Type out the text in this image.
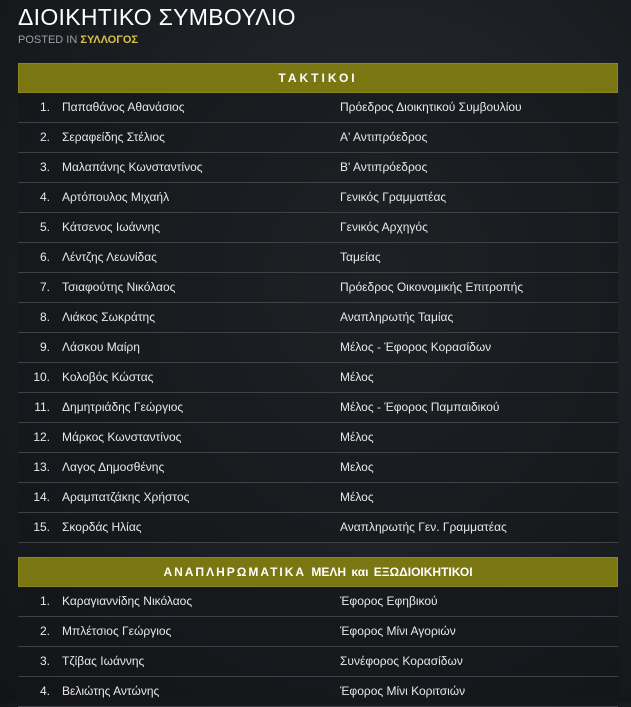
ΔΙΟΙΚΗΤΙΚΟ ΣΥΜΒΟΥΛΙΟ
POSTED IN ΣΥΛΛΟΓΟΣ
ΤΑΚΤΙΚΟΙ
1. Παπαθάνος Αθανάσιος	Πρόεδρος Διοικητικού Συμβουλίου
2. Σεραφείδης Στέλιος	Α' Αντιπρόεδρος
3. Μαλαπάνης Κωνσταντίνος	Β' Αντιπρόεδρος
4. Αρτόπουλος Μιχαήλ	Γενικός Γραμματέας
5. Κάτσενος Ιωάννης	Γενικός Αρχηγός
6. Λέντζης Λεωνίδας	Ταμείας
7. Τσιαφούτης Νικόλαος	Πρόεδρος Οικονομικής Επιτροπής
8. Λιάκος Σωκράτης	Αναπληρωτής Ταμίας
9. Λάσκου Μαίρη	Μέλος - Έφορος Κορασίδων
10. Κολοβός Κώστας	Μέλος
11. Δημητριάδης Γεώργιος	Μέλος - Έφορος Παμπαιδικού
12. Μάρκος Κωνσταντίνος	Μέλος
13. Λαγος Δημοσθένης	Μελος
14. Αραμπατζάκης Χρήστος	Μέλος
15. Σκορδάς Ηλίας	Αναπληρωτής Γεν. Γραμματέας
ΑΝΑΠΛΗΡΩΜΑΤΙΚΑ ΜΕΛΗ και ΕΞΩΔΙΟΙΚΗΤΙΚΟΙ
1. Καραγιαννίδης Νικόλαος	Έφορος Εφηβικού
2. Μπλέτσιος Γεώργιος	Έφορος Μίνι Αγοριών
3. Τζίβας Ιωάννης	Συνέφορος Κορασίδων
4. Βελιώτης Αντώνης	Έφορος Μίνι Κοριτσιών
